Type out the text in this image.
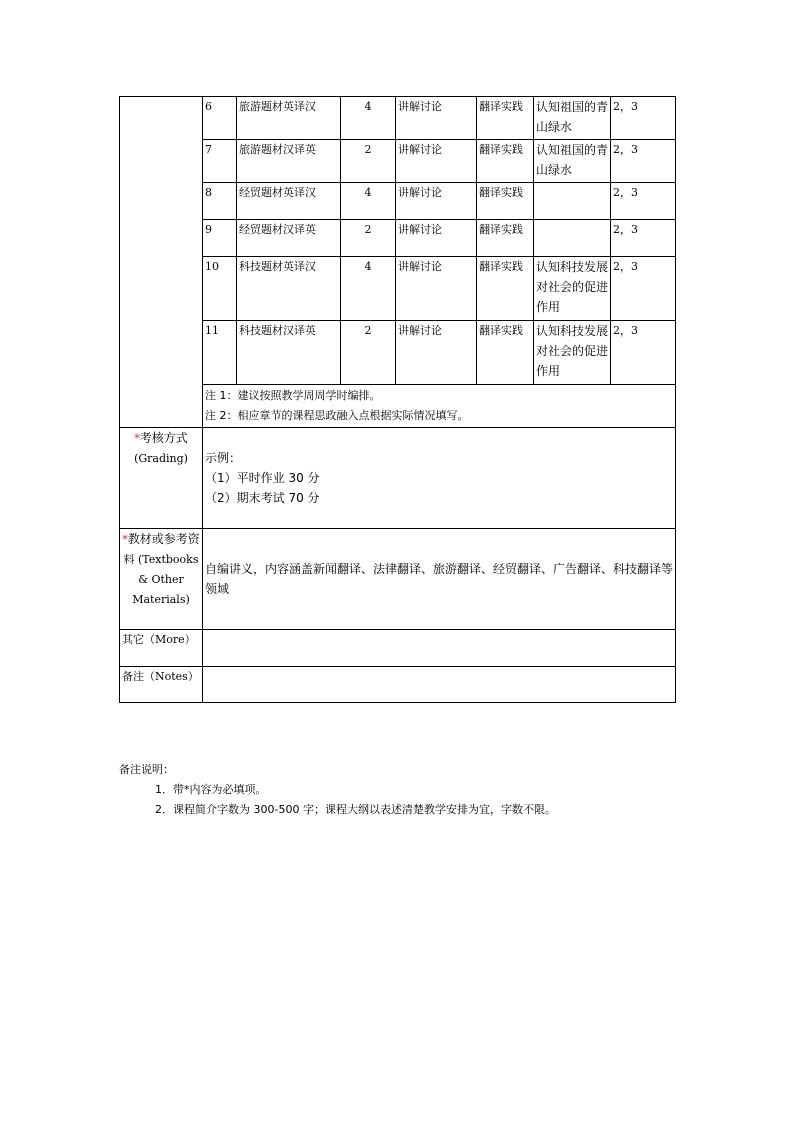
	6	旅游题材英译汉	4	讲解讨论	翻译实践	认知祖国的青山绿水	2，3
	7	旅游题材汉译英	2	讲解讨论	翻译实践	认知祖国的青山绿水	2，3
	8	经贸题材英译汉	4	讲解讨论	翻译实践		2，3
	9	经贸题材汉译英	2	讲解讨论	翻译实践		2，3
	10	科技题材英译汉	4	讲解讨论	翻译实践	认知科技发展对社会的促进作用	2，3
	11	科技题材汉译英	2	讲解讨论	翻译实践	认知科技发展对社会的促进作用	2，3

	注 1：建议按照教学周周学时编排。
注 2：相应章节的课程思政融入点根据实际情况填写。						

*考核方式
(Grading)	示例：
（1）平时作业 30 分
（2）期末考试 70 分						

*教材或参考资
料 (Textbooks
& Other
Materials)	自编讲义，内容涵盖新闻翻译、法律翻译、旅游翻译、经贸翻译、广告翻译、科技翻译等领域						
其它（More）							
备注（Notes）							
备注说明：
1．带*内容为必填项。
2．课程简介字数为 300-500 字；课程大纲以表述清楚教学安排为宜，字数不限。
